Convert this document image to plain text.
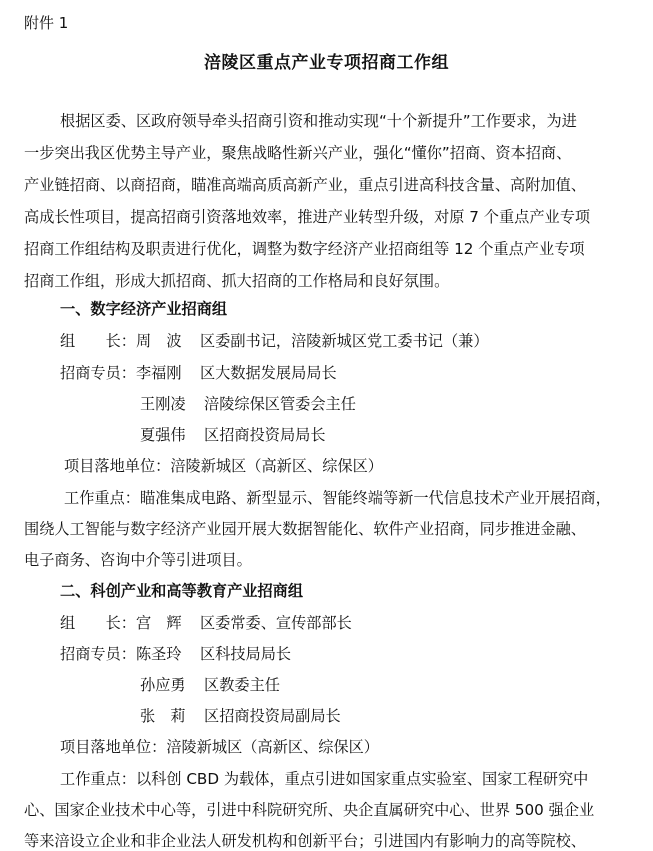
附件 1
涪陵区重点产业专项招商工作组
根据区委、区政府领导牵头招商引资和推动实现“十个新提升”工作要求，为进
一步突出我区优势主导产业，聚焦战略性新兴产业，强化“懂你”招商、资本招商、
产业链招商、以商招商，瞄准高端高质高新产业，重点引进高科技含量、高附加值、
高成长性项目，提高招商引资落地效率，推进产业转型升级，对原 7 个重点产业专项
招商工作组结构及职责进行优化，调整为数字经济产业招商组等 12 个重点产业专项
招商工作组，形成大抓招商、抓大招商的工作格局和良好氛围。
一、数字经济产业招商组
组　　长：周　波 区委副书记，涪陵新城区党工委书记（兼）
招商专员：李福刚 区大数据发展局局长
王刚凌 涪陵综保区管委会主任
夏强伟 区招商投资局局长
项目落地单位：涪陵新城区（高新区、综保区）
工作重点：瞄准集成电路、新型显示、智能终端等新一代信息技术产业开展招商，
围绕人工智能与数字经济产业园开展大数据智能化、软件产业招商，同步推进金融、
电子商务、咨询中介等引进项目。
二、科创产业和高等教育产业招商组
组　　长：宫　辉 区委常委、宣传部部长
招商专员：陈圣玲 区科技局局长
孙应勇 区教委主任
张　莉 区招商投资局副局长
项目落地单位：涪陵新城区（高新区、综保区）
工作重点：以科创 CBD 为载体，重点引进如国家重点实验室、国家工程研究中
心、国家企业技术中心等，引进中科院研究所、央企直属研究中心、世界 500 强企业
等来涪设立企业和非企业法人研发机构和创新平台；引进国内有影响力的高等院校、
